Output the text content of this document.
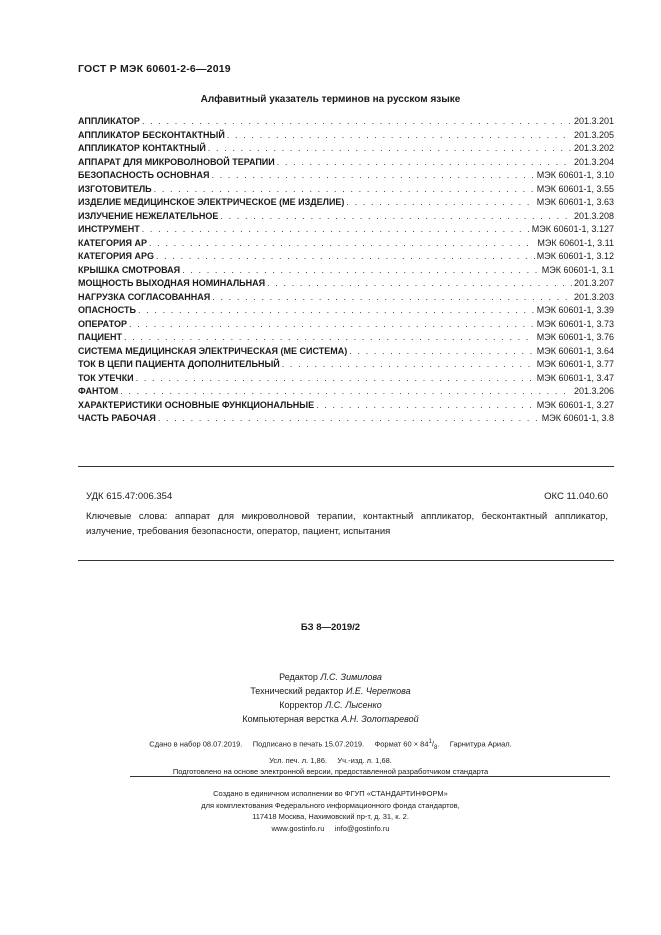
ГОСТ Р МЭК 60601-2-6—2019
Алфавитный указатель терминов на русском языке
АППЛИКАТОР . . .	201.3.201
АППЛИКАТОР БЕСКОНТАКТНЫЙ . . .	201.3.205
АППЛИКАТОР КОНТАКТНЫЙ . . .	201.3.202
АППАРАТ ДЛЯ МИКРОВОЛНОВОЙ ТЕРАПИИ . . .	201.3.204
БЕЗОПАСНОСТЬ ОСНОВНАЯ . . .	МЭК 60601-1, 3.10
ИЗГОТОВИТЕЛЬ . . .	МЭК 60601-1, 3.55
ИЗДЕЛИЕ МЕДИЦИНСКОЕ ЭЛЕКТРИЧЕСКОЕ (МЕ ИЗДЕЛИЕ) . . .	МЭК 60601-1, 3.63
ИЗЛУЧЕНИЕ НЕЖЕЛАТЕЛЬНОЕ . . .	201.3.208
ИНСТРУМЕНТ . . .	МЭК 60601-1, 3.127
КАТЕГОРИЯ АР . . .	МЭК 60601-1, 3.11
КАТЕГОРИЯ APG . . .	МЭК 60601-1, 3.12
КРЫШКА СМОТРОВАЯ . . .	МЭК 60601-1, 3.1
МОЩНОСТЬ ВЫХОДНАЯ НОМИНАЛЬНАЯ . . .	201.3.207
НАГРУЗКА СОГЛАСОВАННАЯ . . .	201.3.203
ОПАСНОСТЬ . . .	МЭК 60601-1, 3.39
ОПЕРАТОР . . .	МЭК 60601-1, 3.73
ПАЦИЕНТ . . .	МЭК 60601-1, 3.76
СИСТЕМА МЕДИЦИНСКАЯ ЭЛЕКТРИЧЕСКАЯ (МЕ СИСТЕМА) . . .	МЭК 60601-1, 3.64
ТОК В ЦЕПИ ПАЦИЕНТА ДОПОЛНИТЕЛЬНЫЙ . . .	МЭК 60601-1, 3.77
ТОК УТЕЧКИ . . .	МЭК 60601-1, 3.47
ФАНТОМ . . .	201.3.206
ХАРАКТЕРИСТИКИ ОСНОВНЫЕ ФУНКЦИОНАЛЬНЫЕ . . .	МЭК 60601-1, 3.27
ЧАСТЬ РАБОЧАЯ . . .	МЭК 60601-1, 3.8
УДК 615.47:006.354	ОКС 11.040.60
Ключевые слова: аппарат для микроволновой терапии, контактный аппликатор, бесконтактный аппликатор, излучение, требования безопасности, оператор, пациент, испытания
БЗ 8—2019/2
Редактор Л.С. Зимилова
Технический редактор И.Е. Черепкова
Корректор Л.С. Лысенко
Компьютерная верстка А.Н. Золотаревой
Сдано в набор 08.07.2019.     Подписано в печать 15.07.2019.     Формат $60 \times 84^1/_8$.     Гарнитура Ариал.
Усл. печ. л. 1,86.     Уч.-изд. л. 1,68.
Подготовлено на основе электронной версии, предоставленной разработчиком стандарта
Создано в единичном исполнении во ФГУП «СТАНДАРТИНФОРМ»
для комплектования Федерального информационного фонда стандартов,
117418 Москва, Нахимовский пр-т, д. 31, к. 2.
www.gostinfo.ru info@gostinfo.ru
